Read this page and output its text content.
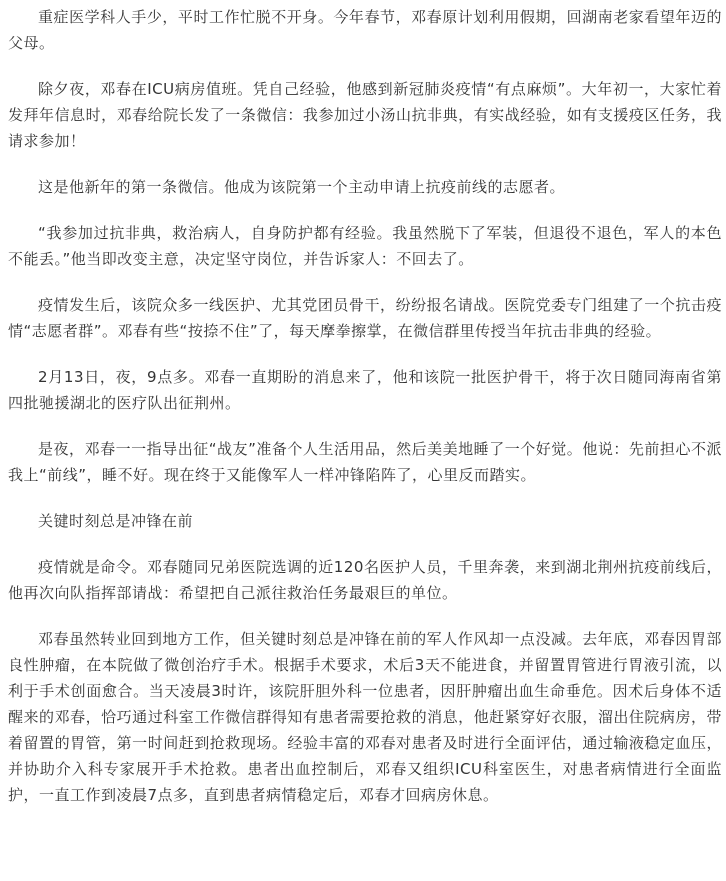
重症医学科人手少，平时工作忙脱不开身。今年春节，邓春原计划利用假期，回湖南老家看望年迈的父母。

除夕夜，邓春在ICU病房值班。凭自己经验，他感到新冠肺炎疫情“有点麻烦”。大年初一，大家忙着发拜年信息时，邓春给院长发了一条微信：我参加过小汤山抗非典，有实战经验，如有支援疫区任务，我请求参加！

这是他新年的第一条微信。他成为该院第一个主动申请上抗疫前线的志愿者。

“我参加过抗非典，救治病人，自身防护都有经验。我虽然脱下了军装，但退役不退色，军人的本色不能丢。”他当即改变主意，决定坚守岗位，并告诉家人：不回去了。

疫情发生后，该院众多一线医护、尤其党团员骨干，纷纷报名请战。医院党委专门组建了一个抗击疫情“志愿者群”。邓春有些“按捺不住”了，每天摩拳擦掌，在微信群里传授当年抗击非典的经验。

2月13日，夜，9点多。邓春一直期盼的消息来了，他和该院一批医护骨干，将于次日随同海南省第四批驰援湖北的医疗队出征荆州。

是夜，邓春一一指导出征“战友”准备个人生活用品，然后美美地睡了一个好觉。他说：先前担心不派我上“前线”，睡不好。现在终于又能像军人一样冲锋陷阵了，心里反而踏实。

关键时刻总是冲锋在前

疫情就是命令。邓春随同兄弟医院选调的近120名医护人员，千里奔袭，来到湖北荆州抗疫前线后，他再次向队指挥部请战：希望把自己派往救治任务最艰巨的单位。

邓春虽然转业回到地方工作，但关键时刻总是冲锋在前的军人作风却一点没减。去年底，邓春因胃部良性肿瘤，在本院做了微创治疗手术。根据手术要求，术后3天不能进食，并留置胃管进行胃液引流，以利于手术创面愈合。当天凌晨3时许，该院肝胆外科一位患者，因肝肿瘤出血生命垂危。因术后身体不适醒来的邓春，恰巧通过科室工作微信群得知有患者需要抢救的消息，他赶紧穿好衣服，溜出住院病房，带着留置的胃管，第一时间赶到抢救现场。经验丰富的邓春对患者及时进行全面评估，通过输液稳定血压，并协助介入科专家展开手术抢救。患者出血控制后，邓春又组织ICU科室医生，对患者病情进行全面监护，一直工作到凌晨7点多，直到患者病情稳定后，邓春才回病房休息。
